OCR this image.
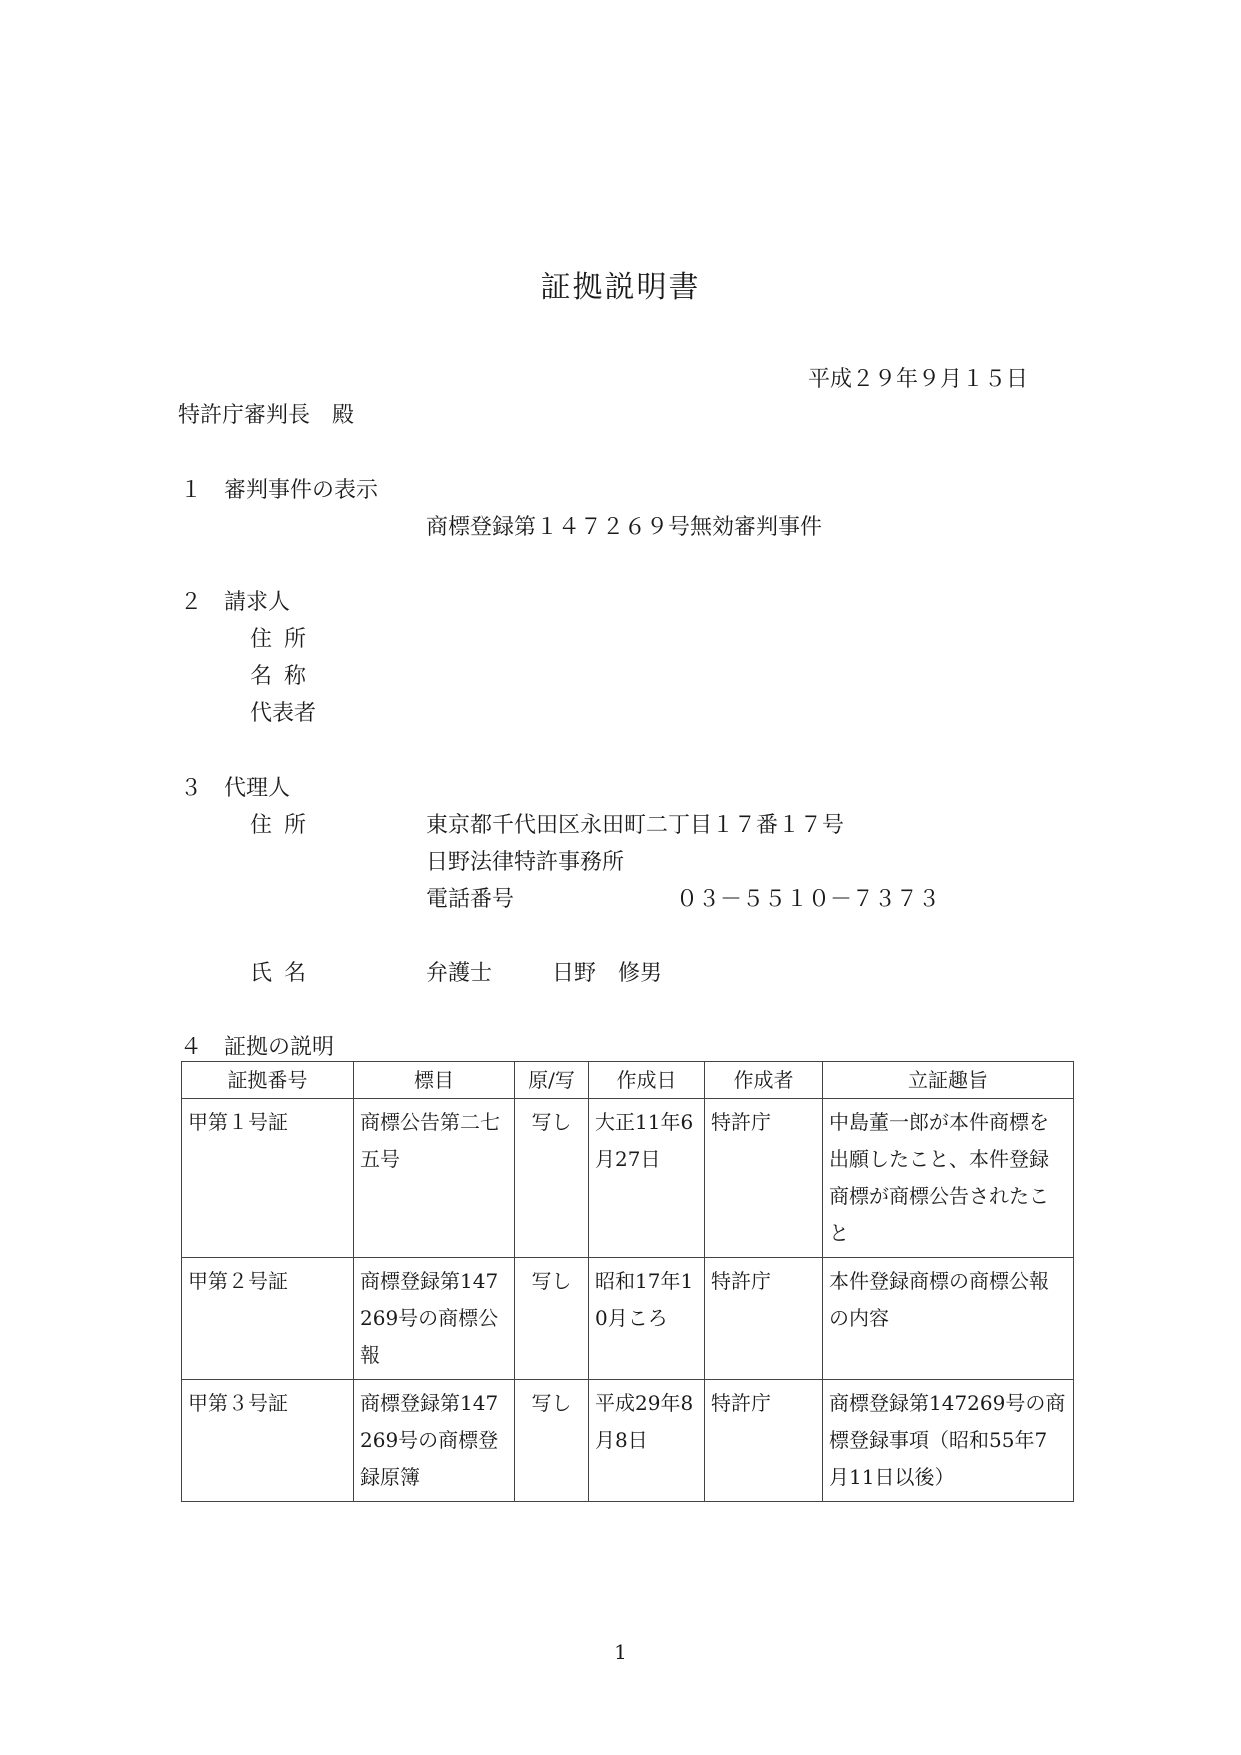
証拠説明書
平成２９年９月１５日
特許庁審判長　殿
１　審判事件の表示
商標登録第１４７２６９号無効審判事件
２　請求人
住所
名称
代表者
３　代理人
住所	東京都千代田区永田町二丁目１７番１７号
日野法律特許事務所
電話番号	０３－５５１０－７３７３
氏名	弁護士	日野　修男
４　証拠の説明
証拠番号	標目	原/写	作成日	作成者	立証趣旨
甲第１号証	商標公告第二七五号	写し	大正11年6月27日	特許庁	中島董一郎が本件商標を出願したこと、本件登録商標が商標公告されたこと
甲第２号証	商標登録第147269号の商標公報	写し	昭和17年10月ころ	特許庁	本件登録商標の商標公報の内容
甲第３号証	商標登録第147269号の商標登録原簿	写し	平成29年8月8日	特許庁	商標登録第147269号の商標登録事項（昭和55年7月11日以後）
1
